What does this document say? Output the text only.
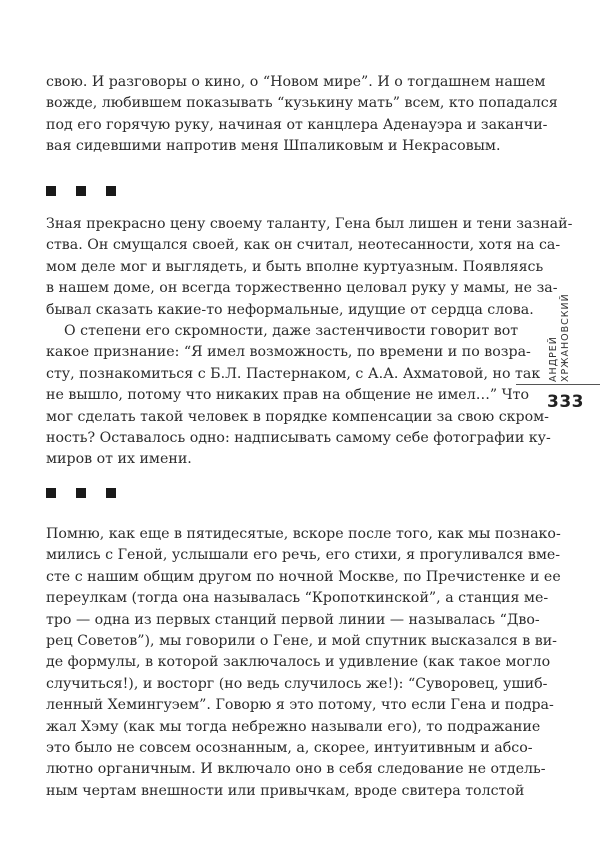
свою. И разговоры о кино, о “Новом мире”. И о тогдашнем нашем
вожде, любившем показывать “кузькину мать” всем, кто попадался
под его горячую руку, начиная от канцлера Аденауэра и заканчи-
вая сидевшими напротив меня Шпаликовым и Некрасовым.
Зная прекрасно цену своему таланту, Гена был лишен и тени зазнай-
ства. Он смущался своей, как он считал, неотесанности, хотя на са-
мом деле мог и выглядеть, и быть вполне куртуазным. Появляясь
в нашем доме, он всегда торжественно целовал руку у мамы, не за-
бывал сказать какие-то неформальные, идущие от сердца слова.
О степени его скромности, даже застенчивости говорит вот
какое признание: “Я имел возможность, по времени и по возра-
сту, познакомиться с Б.Л. Пастернаком, с А.А. Ахматовой, но так
не вышло, потому что никаких прав на общение не имел…” Что
мог сделать такой человек в порядке компенсации за свою скром-
ность? Оставалось одно: надписывать самому себе фотографии ку-
миров от их имени.
Помню, как еще в пятидесятые, вскоре после того, как мы познако-
мились с Геной, услышали его речь, его стихи, я прогуливался вме-
сте с нашим общим другом по ночной Москве, по Пречистенке и ее
переулкам (тогда она называлась “Кропоткинской”, а станция ме-
тро — одна из первых станций первой линии — называлась “Дво-
рец Советов”), мы говорили о Гене, и мой спутник высказался в ви-
де формулы, в которой заключалось и удивление (как такое могло
случиться!), и восторг (но ведь случилось же!): “Суворовец, ушиб-
ленный Хемингуэем”. Говорю я это потому, что если Гена и подра-
жал Хэму (как мы тогда небрежно называли его), то подражание
это было не совсем осознанным, а, скорее, интуитивным и абсо-
лютно органичным. И включало оно в себя следование не отдель-
ным чертам внешности или привычкам, вроде свитера толстой
АНДРЕЙ
ХРЖАНОВСКИЙ
333
